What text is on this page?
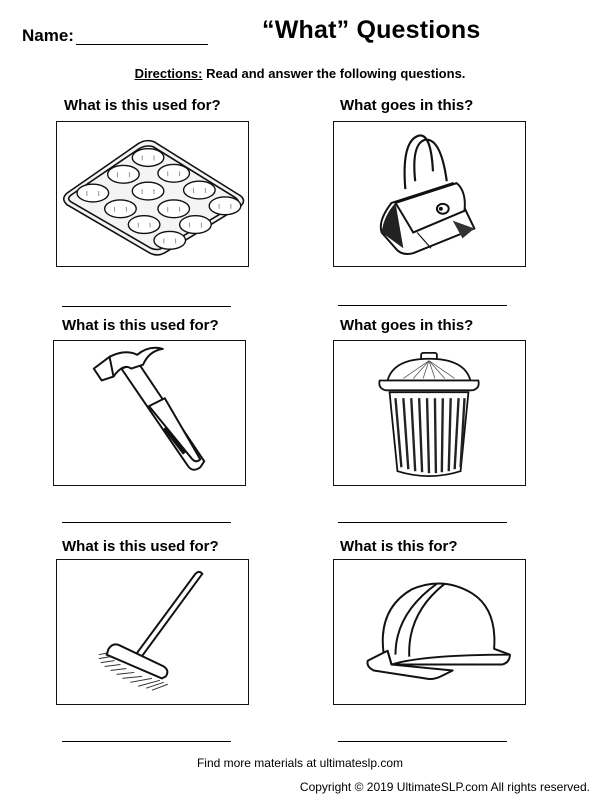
Name:	“What” Questions
Directions: Read and answer the following questions.
What is this used for?	What goes in this?
What is this used for?	What goes in this?
What is this used for?	What is this for?
Find more materials at ultimateslp.com
Copyright © 2019 UltimateSLP.com All rights reserved.
